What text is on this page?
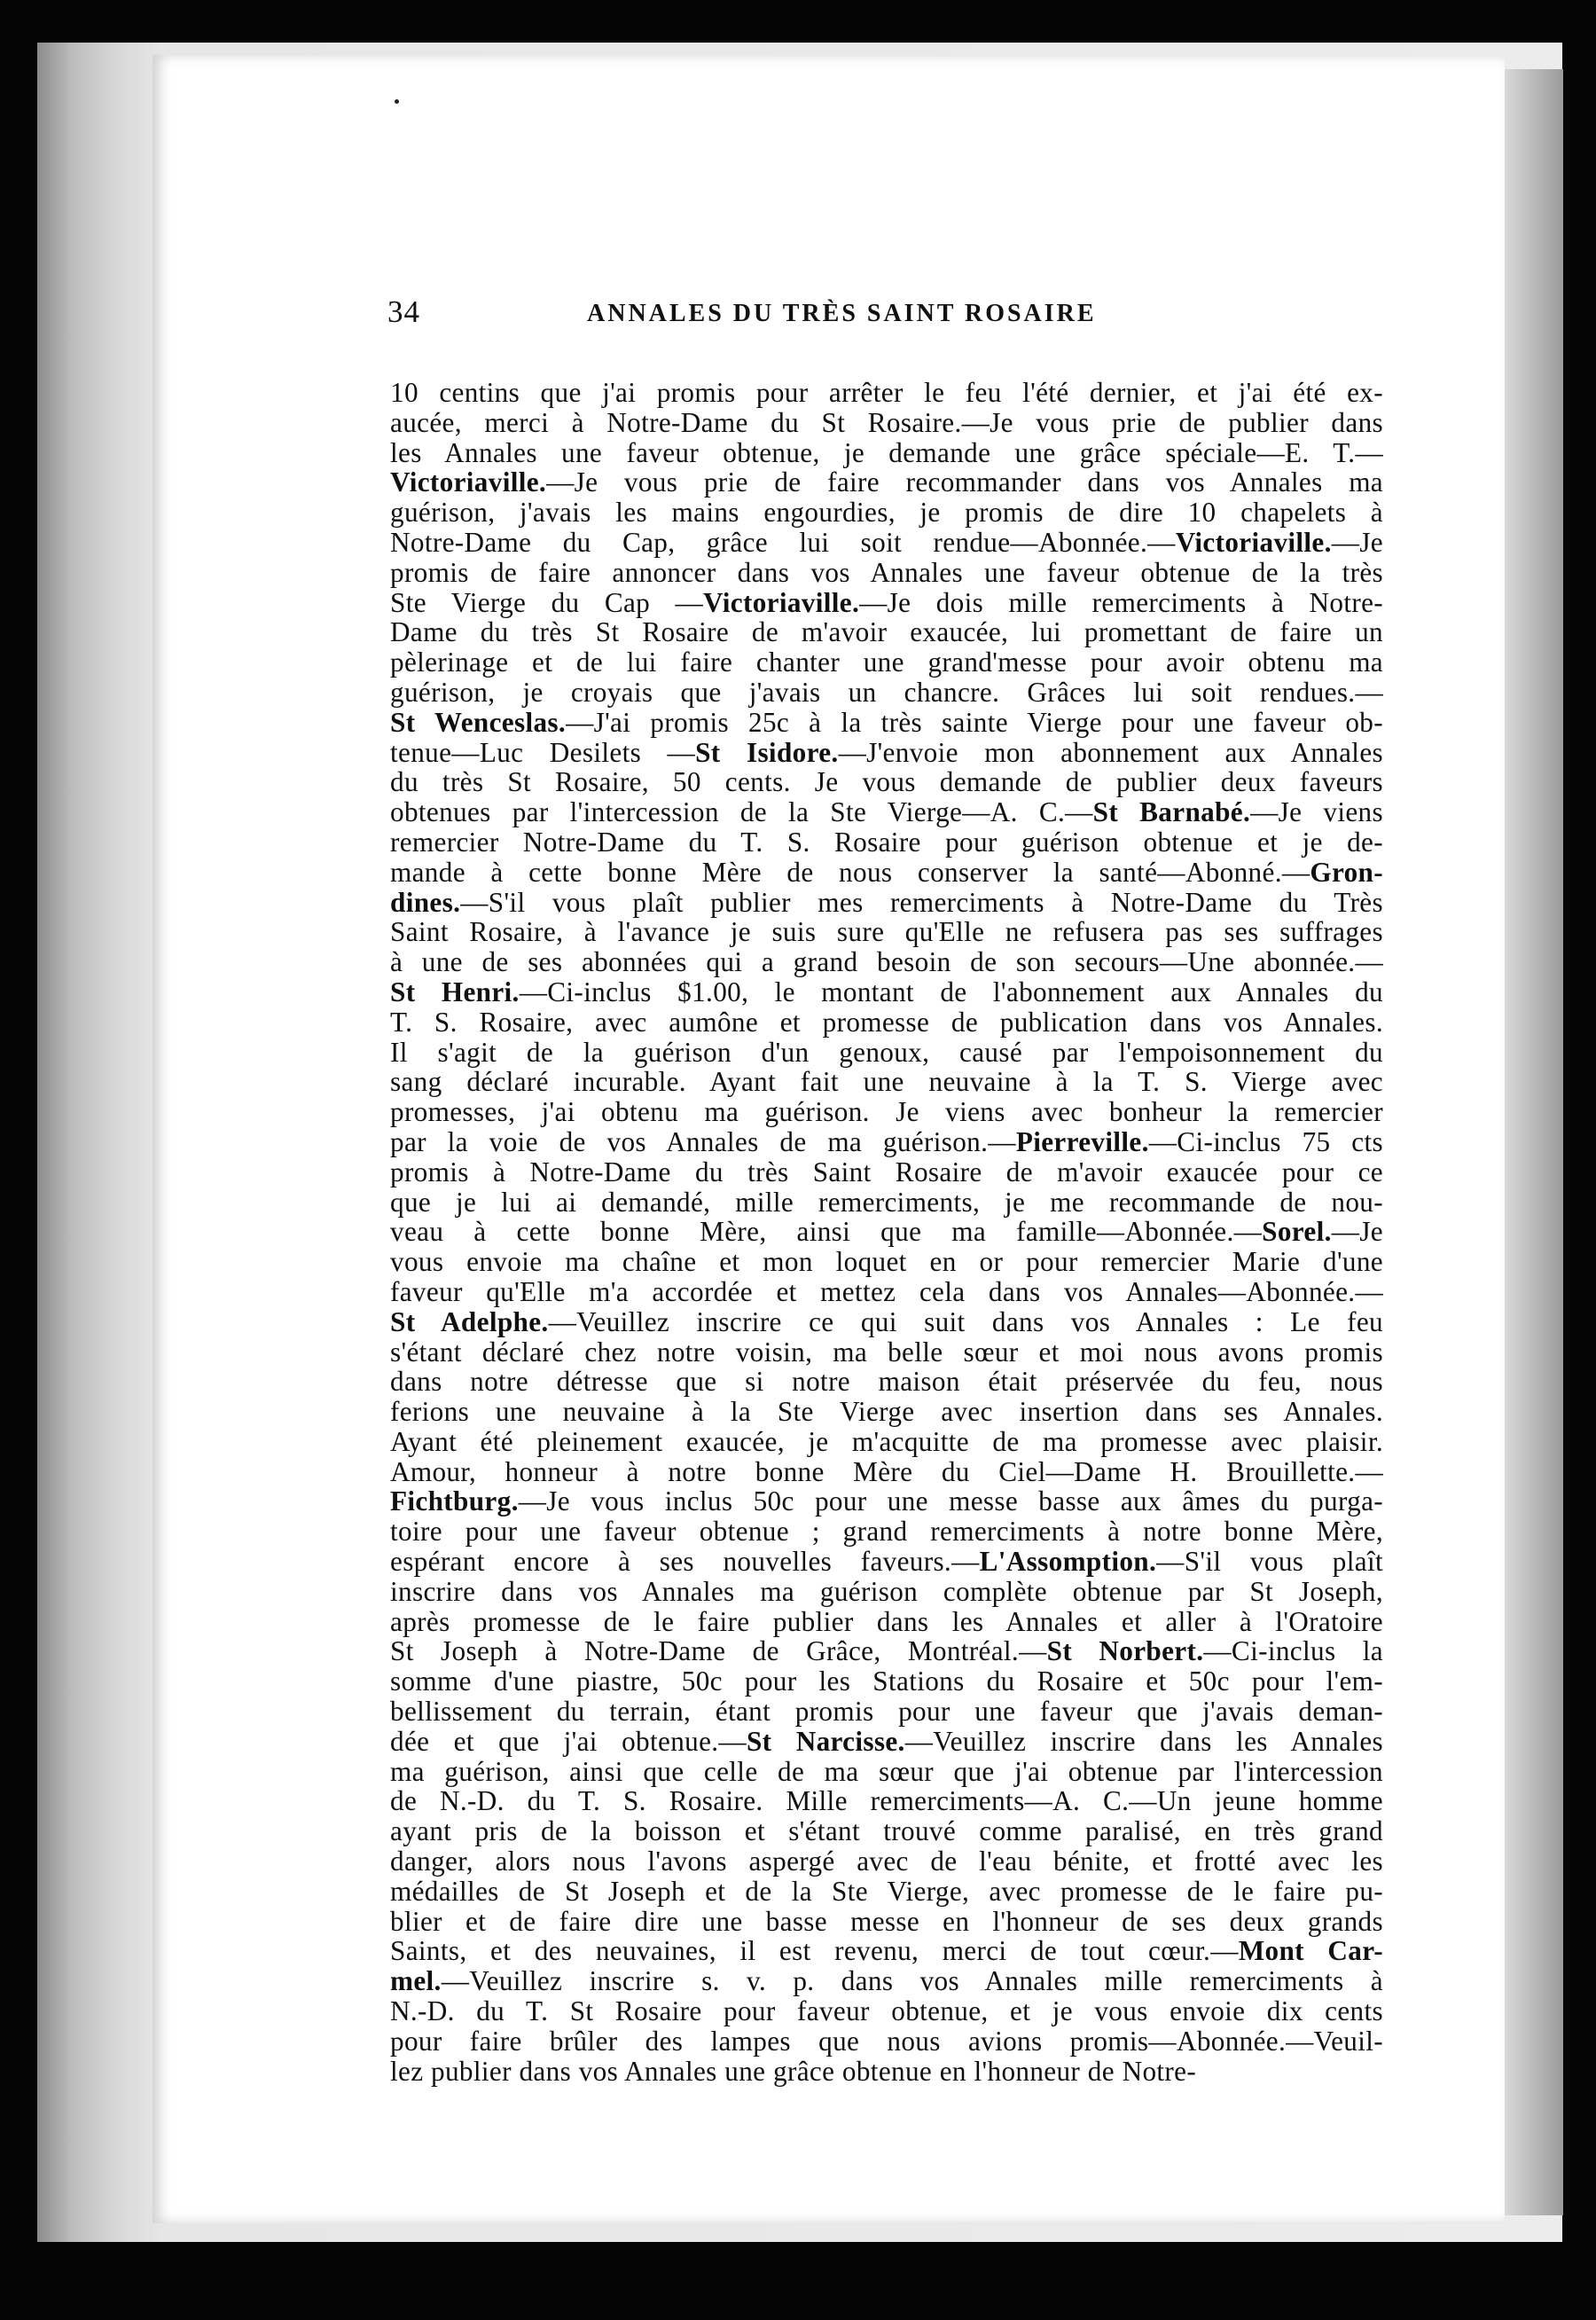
34	ANNALES DU TRÈS SAINT ROSAIRE
10 centins que j'ai promis pour arrêter le feu l'été dernier, et j'ai été ex-
aucée, merci à Notre-Dame du St Rosaire.—Je vous prie de publier dans
les Annales une faveur obtenue, je demande une grâce spéciale—E. T.—
Victoriaville.—Je vous prie de faire recommander dans vos Annales ma
guérison, j'avais les mains engourdies, je promis de dire 10 chapelets à
Notre-Dame du Cap, grâce lui soit rendue—Abonnée.—Victoriaville.—Je
promis de faire annoncer dans vos Annales une faveur obtenue de la très
Ste Vierge du Cap —Victoriaville.—Je dois mille remerciments à Notre-
Dame du très St Rosaire de m'avoir exaucée, lui promettant de faire un
pèlerinage et de lui faire chanter une grand'messe pour avoir obtenu ma
guérison, je croyais que j'avais un chancre. Grâces lui soit rendues.—
St Wenceslas.—J'ai promis 25c à la très sainte Vierge pour une faveur ob-
tenue—Luc Desilets —St Isidore.—J'envoie mon abonnement aux Annales
du très St Rosaire, 50 cents. Je vous demande de publier deux faveurs
obtenues par l'intercession de la Ste Vierge—A. C.—St Barnabé.—Je viens
remercier Notre-Dame du T. S. Rosaire pour guérison obtenue et je de-
mande à cette bonne Mère de nous conserver la santé—Abonné.—Gron-
dines.—S'il vous plaît publier mes remerciments à Notre-Dame du Très
Saint Rosaire, à l'avance je suis sure qu'Elle ne refusera pas ses suffrages
à une de ses abonnées qui a grand besoin de son secours—Une abonnée.—
St Henri.—Ci-inclus $1.00, le montant de l'abonnement aux Annales du
T. S. Rosaire, avec aumône et promesse de publication dans vos Annales.
Il s'agit de la guérison d'un genoux, causé par l'empoisonnement du
sang déclaré incurable. Ayant fait une neuvaine à la T. S. Vierge avec
promesses, j'ai obtenu ma guérison. Je viens avec bonheur la remercier
par la voie de vos Annales de ma guérison.—Pierreville.—Ci-inclus 75 cts
promis à Notre-Dame du très Saint Rosaire de m'avoir exaucée pour ce
que je lui ai demandé, mille remerciments, je me recommande de nou-
veau à cette bonne Mère, ainsi que ma famille—Abonnée.—Sorel.—Je
vous envoie ma chaîne et mon loquet en or pour remercier Marie d'une
faveur qu'Elle m'a accordée et mettez cela dans vos Annales—Abonnée.—
St Adelphe.—Veuillez inscrire ce qui suit dans vos Annales : Le feu
s'étant déclaré chez notre voisin, ma belle sœur et moi nous avons promis
dans notre détresse que si notre maison était préservée du feu, nous
ferions une neuvaine à la Ste Vierge avec insertion dans ses Annales.
Ayant été pleinement exaucée, je m'acquitte de ma promesse avec plaisir.
Amour, honneur à notre bonne Mère du Ciel—Dame H. Brouillette.—
Fichtburg.—Je vous inclus 50c pour une messe basse aux âmes du purga-
toire pour une faveur obtenue ; grand remerciments à notre bonne Mère,
espérant encore à ses nouvelles faveurs.—L'Assomption.—S'il vous plaît
inscrire dans vos Annales ma guérison complète obtenue par St Joseph,
après promesse de le faire publier dans les Annales et aller à l'Oratoire
St Joseph à Notre-Dame de Grâce, Montréal.—St Norbert.—Ci-inclus la
somme d'une piastre, 50c pour les Stations du Rosaire et 50c pour l'em-
bellissement du terrain, étant promis pour une faveur que j'avais deman-
dée et que j'ai obtenue.—St Narcisse.—Veuillez inscrire dans les Annales
ma guérison, ainsi que celle de ma sœur que j'ai obtenue par l'intercession
de N.-D. du T. S. Rosaire. Mille remerciments—A. C.—Un jeune homme
ayant pris de la boisson et s'étant trouvé comme paralisé, en très grand
danger, alors nous l'avons aspergé avec de l'eau bénite, et frotté avec les
médailles de St Joseph et de la Ste Vierge, avec promesse de le faire pu-
blier et de faire dire une basse messe en l'honneur de ses deux grands
Saints, et des neuvaines, il est revenu, merci de tout cœur.—Mont Car-
mel.—Veuillez inscrire s. v. p. dans vos Annales mille remerciments à
N.-D. du T. St Rosaire pour faveur obtenue, et je vous envoie dix cents
pour faire brûler des lampes que nous avions promis—Abonnée.—Veuil-
lez publier dans vos Annales une grâce obtenue en l'honneur de Notre-
